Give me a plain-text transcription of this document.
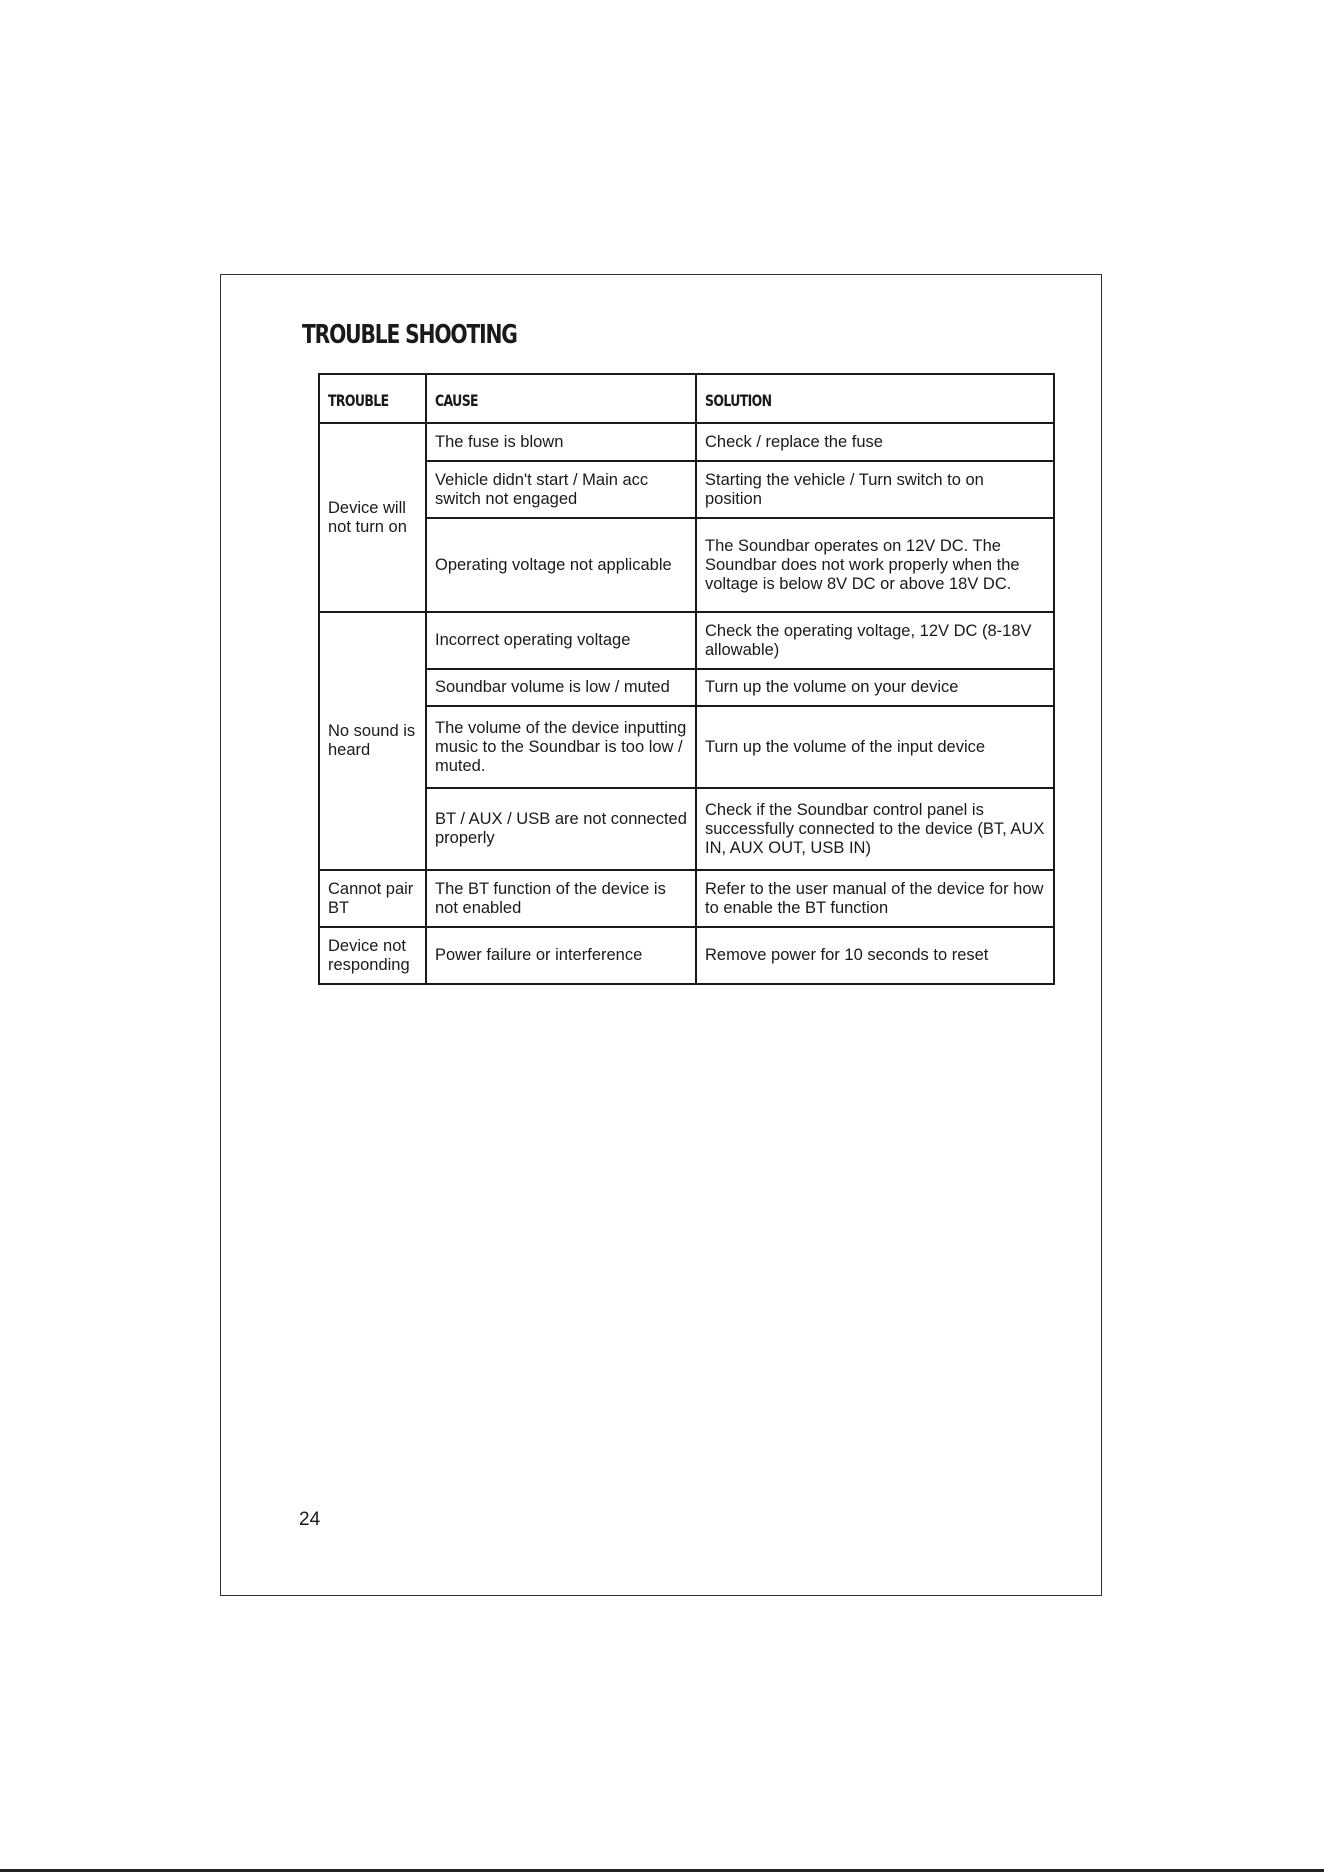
TROUBLE SHOOTING
TROUBLE	CAUSE	SOLUTION
Device will not turn on	The fuse is blown	Check / replace the fuse
	Vehicle didn't start / Main acc switch not engaged	Starting the vehicle / Turn switch to on position
	Operating voltage not applicable	The Soundbar operates on 12V DC. The Soundbar does not work properly when the voltage is below 8V DC or above 18V DC.
No sound is heard	Incorrect operating voltage	Check the operating voltage, 12V DC (8-18V allowable)
	Soundbar volume is low / muted	Turn up the volume on your device
	The volume of the device inputting music to the Soundbar is too low / muted.	Turn up the volume of the input device
	BT / AUX / USB are not connected properly	Check if the Soundbar control panel is successfully connected to the device (BT, AUX IN, AUX OUT, USB IN)
Cannot pair BT	The BT function of the device is not enabled	Refer to the user manual of the device for how to enable the BT function
Device not responding	Power failure or interference	Remove power for 10 seconds to reset
24
